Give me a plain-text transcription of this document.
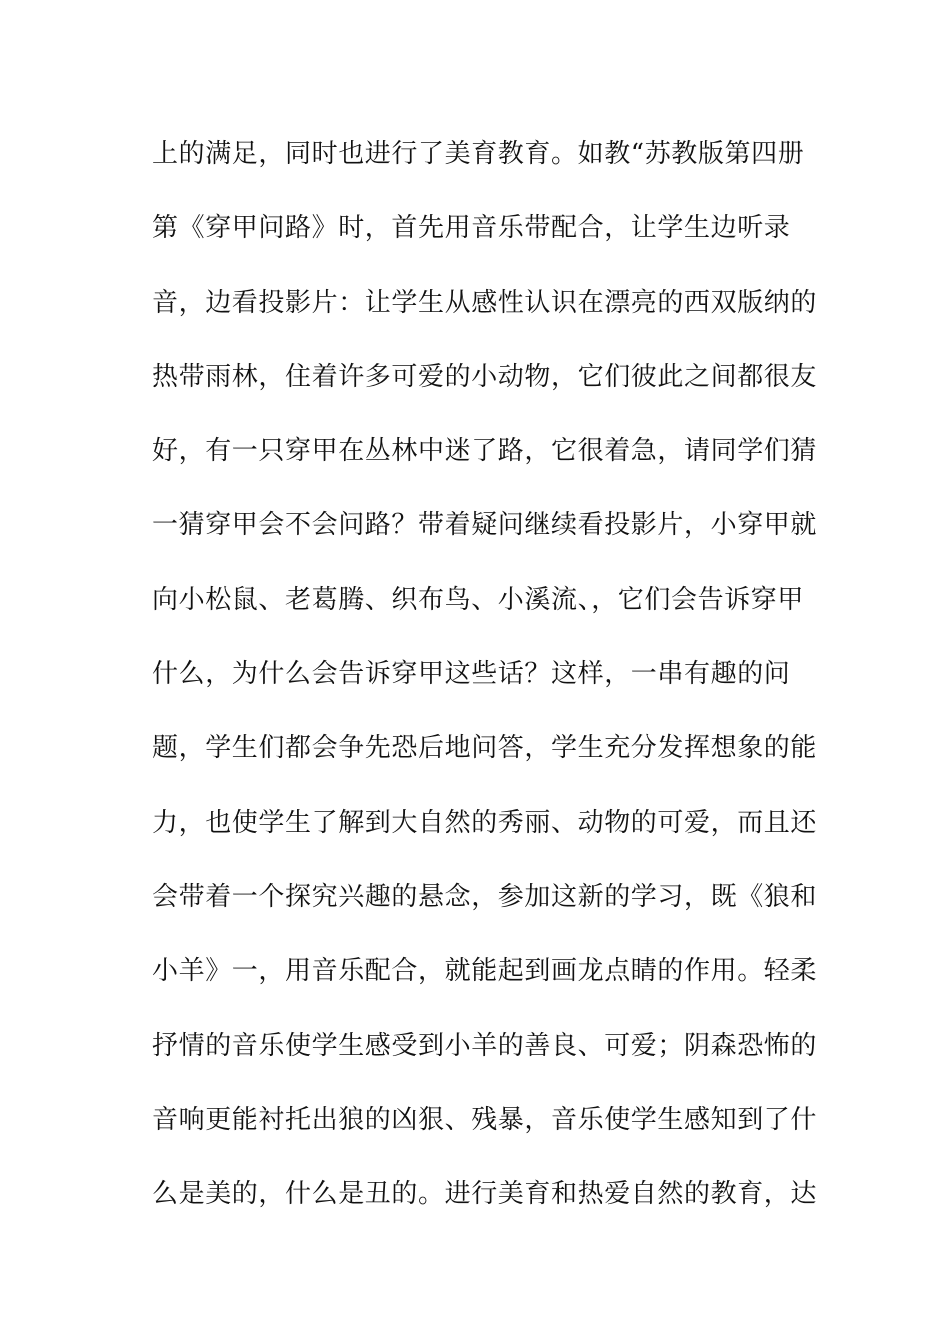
上的满足，同时也进行了美育教育。如教“苏教版第四册
第《穿甲问路》时，首先用音乐带配合，让学生边听录
音，边看投影片：让学生从感性认识在漂亮的西双版纳的
热带雨林，住着许多可爱的小动物，它们彼此之间都很友
好，有一只穿甲在丛林中迷了路，它很着急，请同学们猜
一猜穿甲会不会问路？带着疑问继续看投影片，小穿甲就
向小松鼠、老葛腾、织布鸟、小溪流、，它们会告诉穿甲
什么，为什么会告诉穿甲这些话？这样，一串有趣的问
题，学生们都会争先恐后地问答，学生充分发挥想象的能
力，也使学生了解到大自然的秀丽、动物的可爱，而且还
会带着一个探究兴趣的悬念，参加这新的学习，既《狼和
小羊》一，用音乐配合，就能起到画龙点睛的作用。轻柔
抒情的音乐使学生感受到小羊的善良、可爱；阴森恐怖的
音响更能衬托出狼的凶狠、残暴，音乐使学生感知到了什
么是美的，什么是丑的。进行美育和热爱自然的教育，达
